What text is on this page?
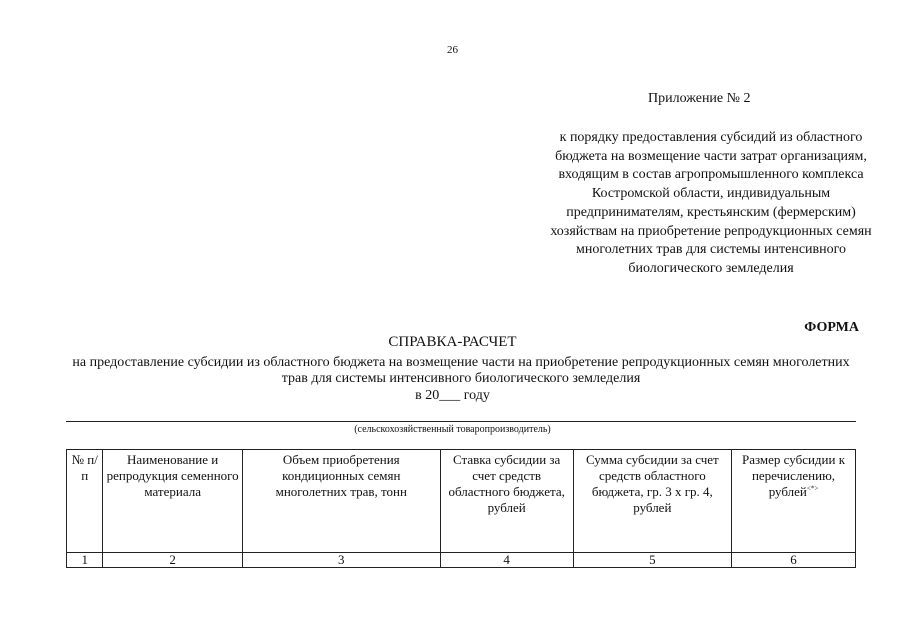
26
Приложение № 2
к порядку предоставления субсидий из областного бюджета на возмещение части затрат организациям, входящим в состав агропромышленного комплекса Костромской области, индивидуальным предпринимателям, крестьянским (фермерским) хозяйствам на приобретение репродукционных семян многолетних трав для системы интенсивного биологического земледелия
ФОРМА
СПРАВКА-РАСЧЕТ
на предоставление субсидии из областного бюджета на возмещение части на приобретение репродукционных семян многолетних трав для системы интенсивного биологического земледелия
в 20___ году
(сельскохозяйственный товаропроизводитель)
№ п/п	Наименование и репродукция семенного материала	Объем приобретения кондиционных семян многолетних трав, тонн	Ставка субсидии за счет средств областного бюджета, рублей	Сумма субсидии за счет средств областного бюджета, гр. 3 х гр. 4, рублей	Размер субсидии к перечислению, рублей<*>
1	2	3	4	5	6
